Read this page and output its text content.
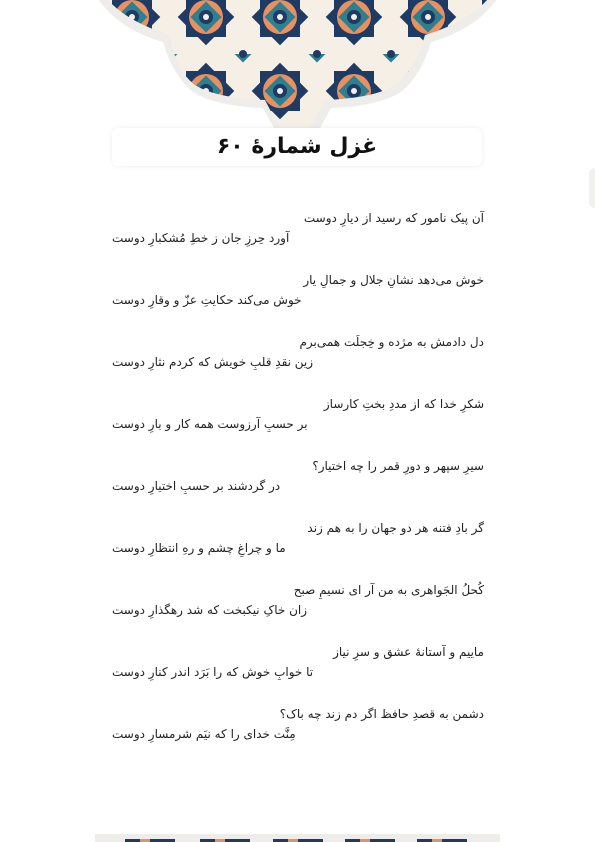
غزل شمارهٔ ۶۰
آن پیک نامور که رسید از دیارِ دوست
آورد حِرزِ جان ز خطِ مُشکبارِ دوست
خوش می‌دهد نشانِ جلال و جمالِ یار
خوش می‌کند حکایتِ عزّ و وقارِ دوست
دل دادمش به مژده و خِجلَت همی‌برم
زین نقدِ قلبِ خویش که کردم نثارِ دوست
شکرِ خدا که از مددِ بختِ کارساز
بر حسبِ آرزوست همه کار و بارِ دوست
سیرِ سپهر و دورِ قمر را چه اختیار؟
در گردشند بر حسبِ اختیارِ دوست
گر بادِ فتنه هر دو جهان را به هم زند
ما و چراغِ چشم و رهِ انتظارِ دوست
کُحلُ الجَواهری به من آر ای نسیمِ صبح
زان خاکِ نیکبخت که شد رهگذارِ دوست
ماییم و آستانهٔ عشق و سرِ نیاز
تا خوابِ خوش که را بَرَد اندر کنارِ دوست
دشمن به قصدِ حافظ اگر دم زند چه باک؟
مِنَّت خدای را که نیَم شرمسارِ دوست
